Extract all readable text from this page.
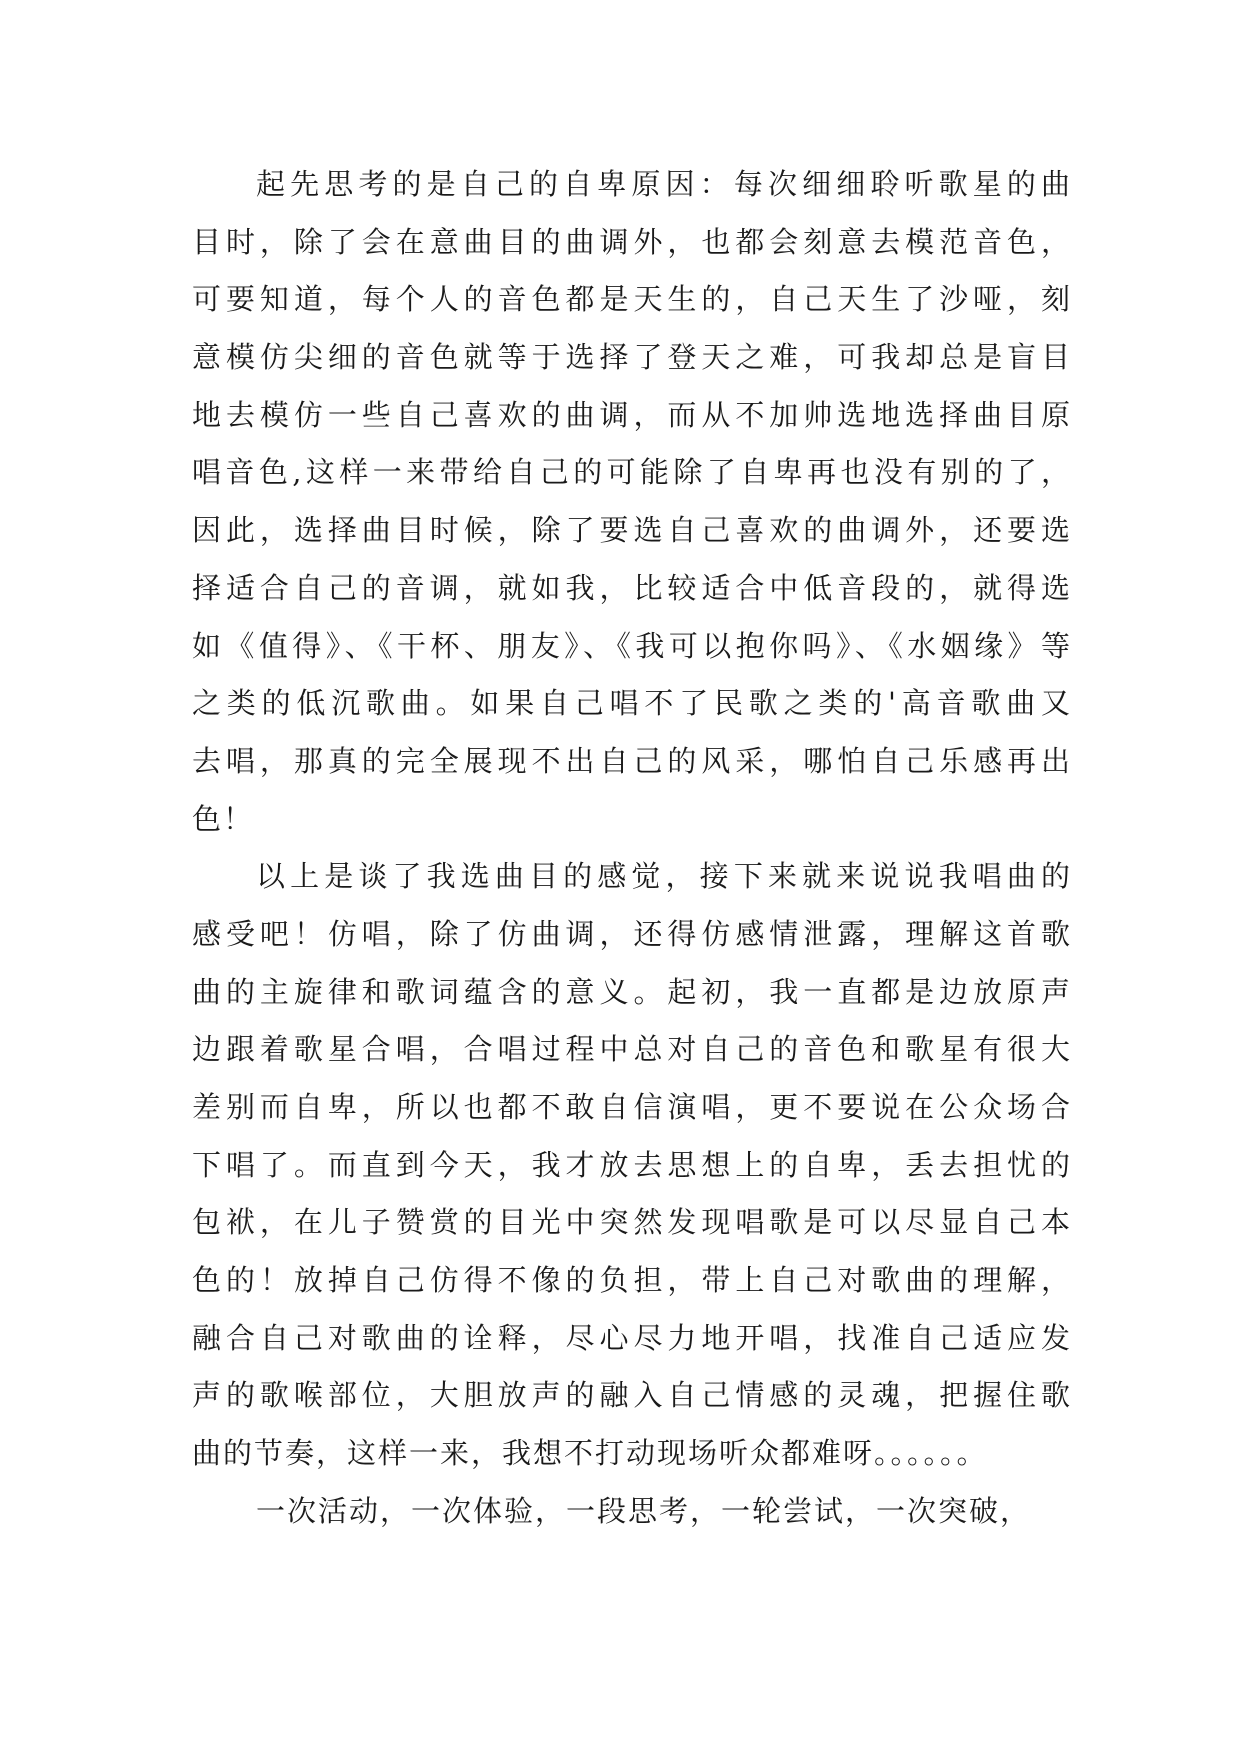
起先思考的是自己的自卑原因：每次细细聆听歌星的曲
目时，除了会在意曲目的曲调外，也都会刻意去模范音色，
可要知道，每个人的音色都是天生的，自己天生了沙哑，刻
意模仿尖细的音色就等于选择了登天之难，可我却总是盲目
地去模仿一些自己喜欢的曲调，而从不加帅选地选择曲目原
唱音色,这样一来带给自己的可能除了自卑再也没有别的了，
因此，选择曲目时候，除了要选自己喜欢的曲调外，还要选
择适合自己的音调，就如我，比较适合中低音段的，就得选
如《值得》、《干杯、朋友》、《我可以抱你吗》、《水姻缘》等
之类的低沉歌曲。如果自己唱不了民歌之类的'高音歌曲又
去唱，那真的完全展现不出自己的风采，哪怕自己乐感再出
色！
以上是谈了我选曲目的感觉，接下来就来说说我唱曲的
感受吧！仿唱，除了仿曲调，还得仿感情泄露，理解这首歌
曲的主旋律和歌词蕴含的意义。起初，我一直都是边放原声
边跟着歌星合唱，合唱过程中总对自己的音色和歌星有很大
差别而自卑，所以也都不敢自信演唱，更不要说在公众场合
下唱了。而直到今天，我才放去思想上的自卑，丢去担忧的
包袱，在儿子赞赏的目光中突然发现唱歌是可以尽显自己本
色的！放掉自己仿得不像的负担，带上自己对歌曲的理解，
融合自己对歌曲的诠释，尽心尽力地开唱，找准自己适应发
声的歌喉部位，大胆放声的融入自己情感的灵魂，把握住歌
曲的节奏，这样一来，我想不打动现场听众都难呀。。。。。。
一次活动，一次体验，一段思考，一轮尝试，一次突破，
